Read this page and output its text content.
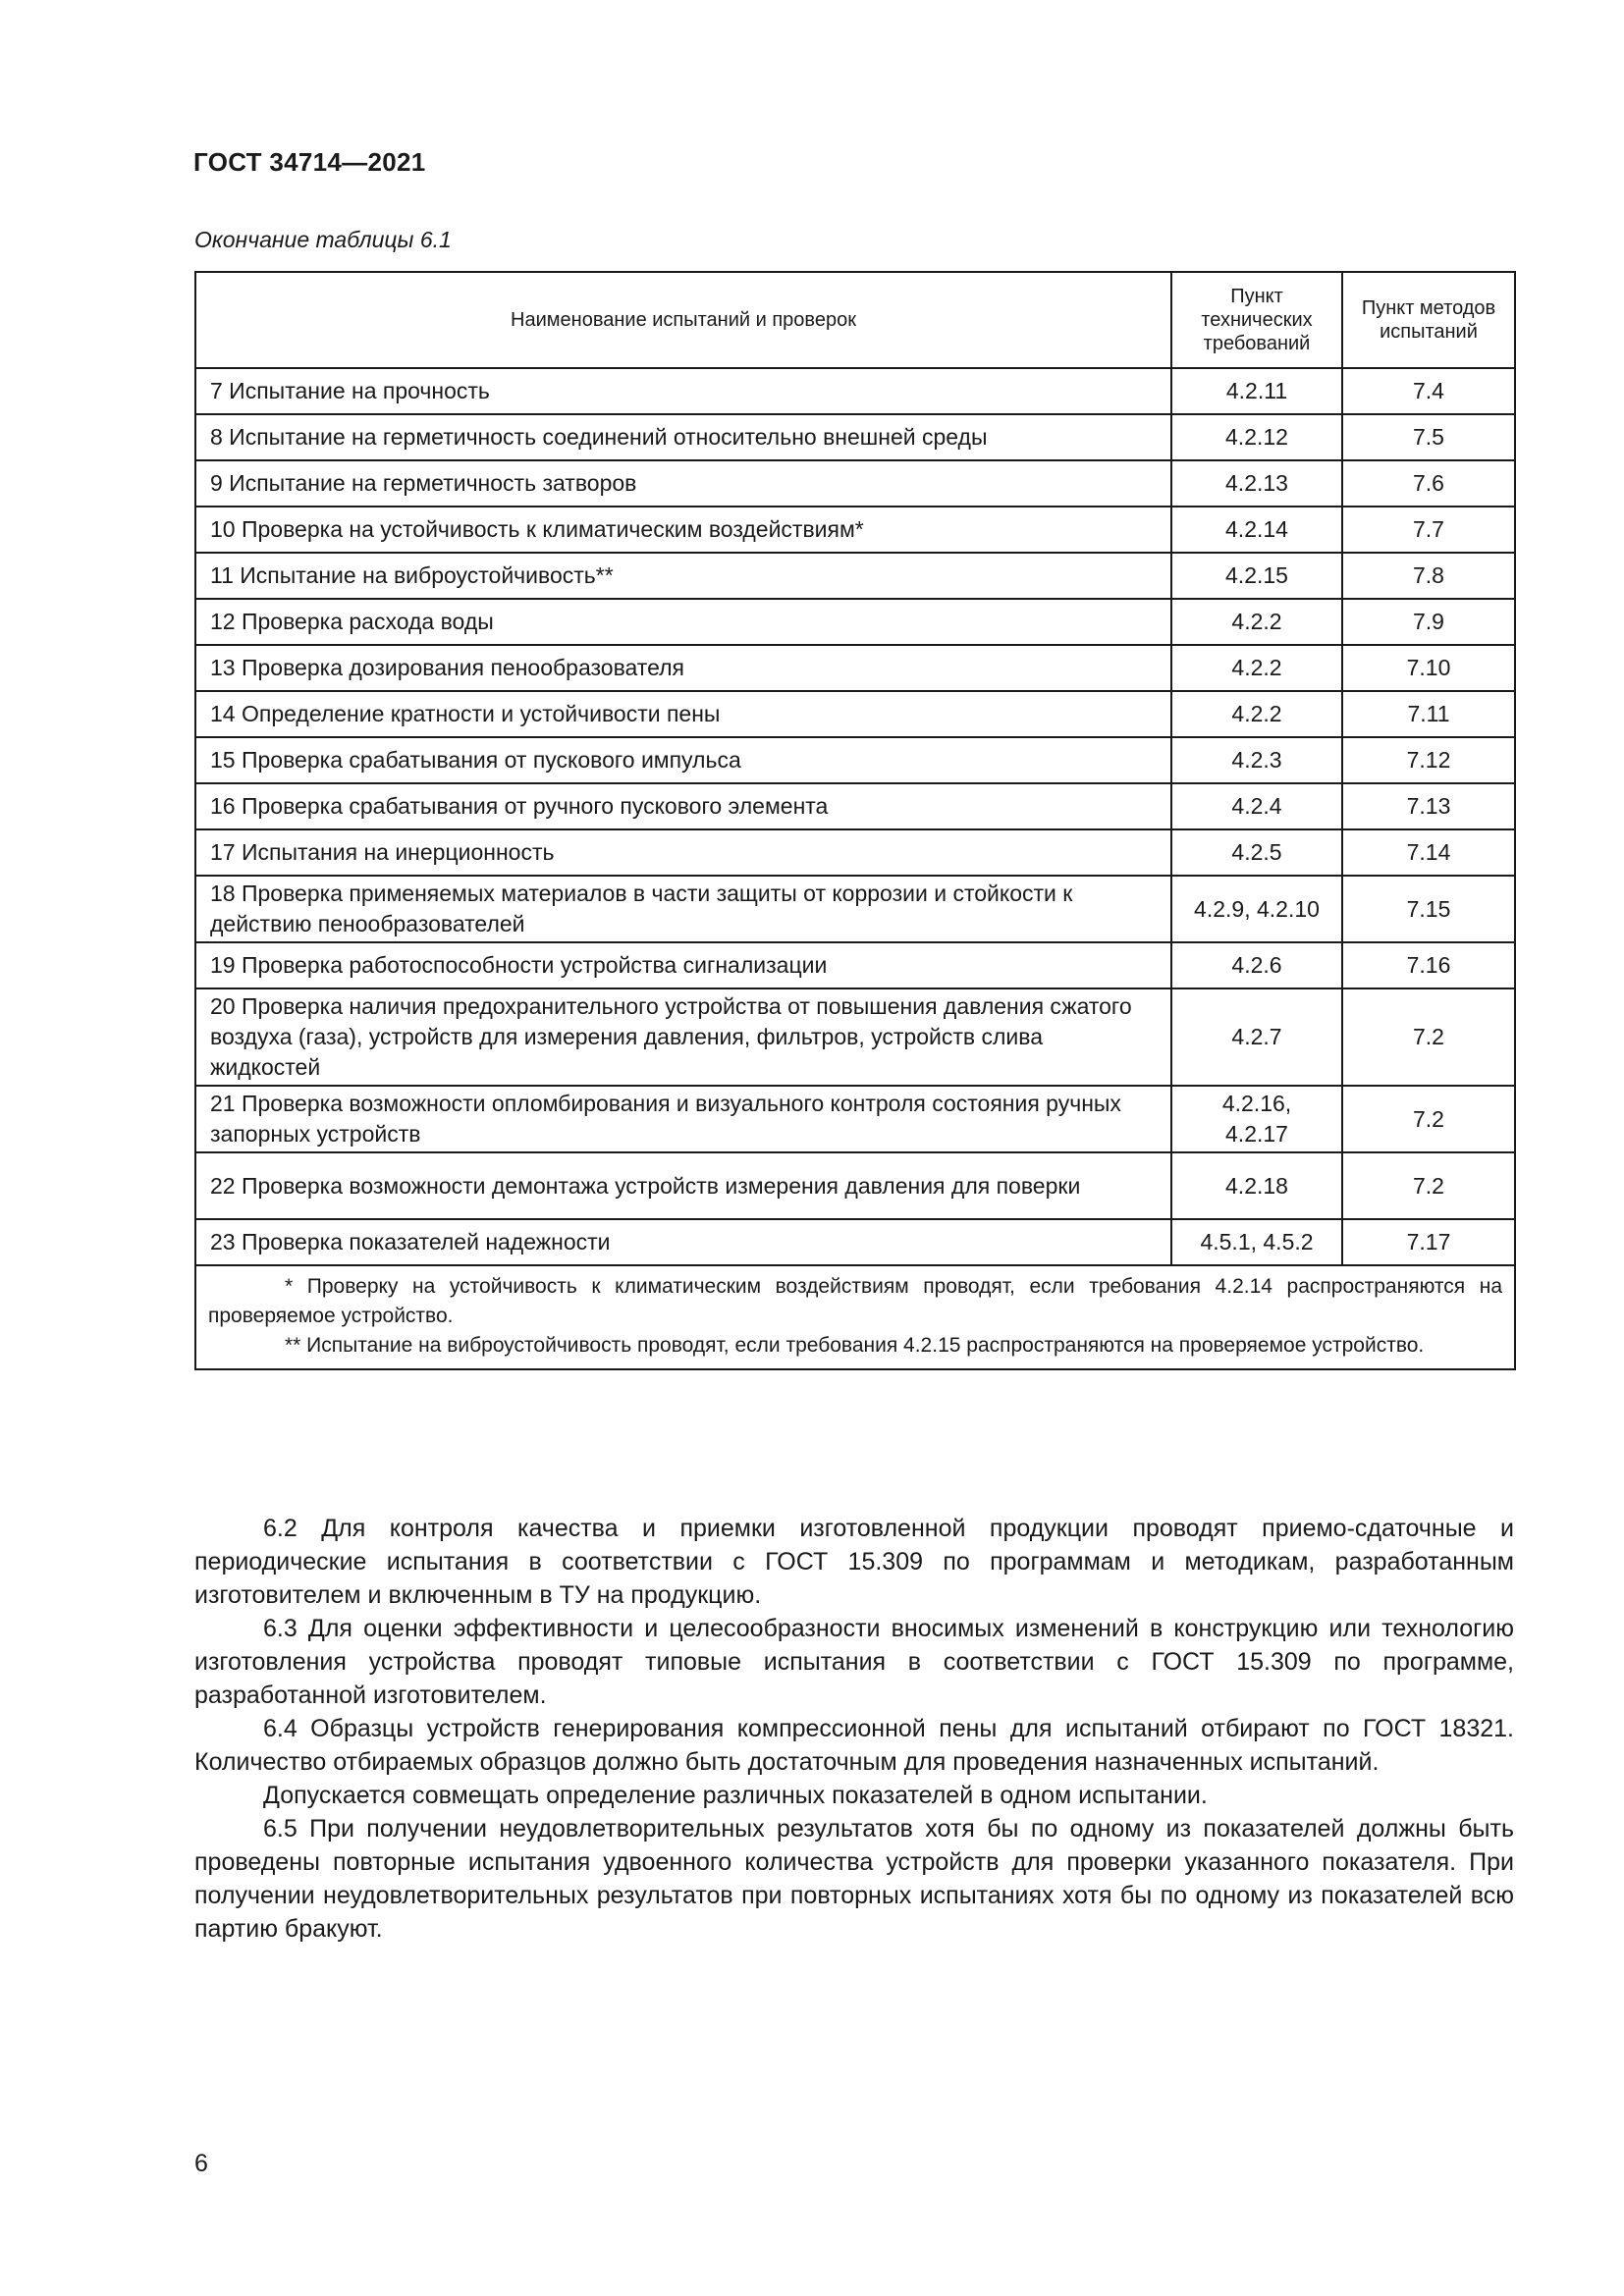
ГОСТ 34714—2021
Окончание таблицы 6.1
Наименование испытаний и проверок	Пункт технических требований	Пункт методов испытаний
7 Испытание на прочность	4.2.11	7.4
8 Испытание на герметичность соединений относительно внешней среды	4.2.12	7.5
9 Испытание на герметичность затворов	4.2.13	7.6
10 Проверка на устойчивость к климатическим воздействиям*	4.2.14	7.7
11 Испытание на виброустойчивость**	4.2.15	7.8
12 Проверка расхода воды	4.2.2	7.9
13 Проверка дозирования пенообразователя	4.2.2	7.10
14 Определение кратности и устойчивости пены	4.2.2	7.11
15 Проверка срабатывания от пускового импульса	4.2.3	7.12
16 Проверка срабатывания от ручного пускового элемента	4.2.4	7.13
17 Испытания на инерционность	4.2.5	7.14
18 Проверка применяемых материалов в части защиты от коррозии и стойкости к действию пенообразователей	4.2.9, 4.2.10	7.15
19 Проверка работоспособности устройства сигнализации	4.2.6	7.16
20 Проверка наличия предохранительного устройства от повышения давления сжатого воздуха (газа), устройств для измерения давления, фильтров, устройств слива жидкостей	4.2.7	7.2
21 Проверка возможности опломбирования и визуального контроля состояния ручных запорных устройств	4.2.16, 4.2.17	7.2
22 Проверка возможности демонтажа устройств измерения давления для поверки	4.2.18	7.2
23 Проверка показателей надежности	4.5.1, 4.5.2	7.17

* Проверку на устойчивость к климатическим воздействиям проводят, если требования 4.2.14 распространяются на проверяемое устройство.
** Испытание на виброустойчивость проводят, если требования 4.2.15 распространяются на проверяемое устройство.		

6.2 Для контроля качества и приемки изготовленной продукции проводят приемо-сдаточные и периодические испытания в соответствии с ГОСТ 15.309 по программам и методикам, разработанным изготовителем и включенным в ТУ на продукцию.

6.3 Для оценки эффективности и целесообразности вносимых изменений в конструкцию или технологию изготовления устройства проводят типовые испытания в соответствии с ГОСТ 15.309 по программе, разработанной изготовителем.

6.4 Образцы устройств генерирования компрессионной пены для испытаний отбирают по ГОСТ 18321. Количество отбираемых образцов должно быть достаточным для проведения назначенных испытаний.

Допускается совмещать определение различных показателей в одном испытании.

6.5 При получении неудовлетворительных результатов хотя бы по одному из показателей должны быть проведены повторные испытания удвоенного количества устройств для проверки указанного показателя. При получении неудовлетворительных результатов при повторных испытаниях хотя бы по одному из показателей всю партию бракуют.

6
